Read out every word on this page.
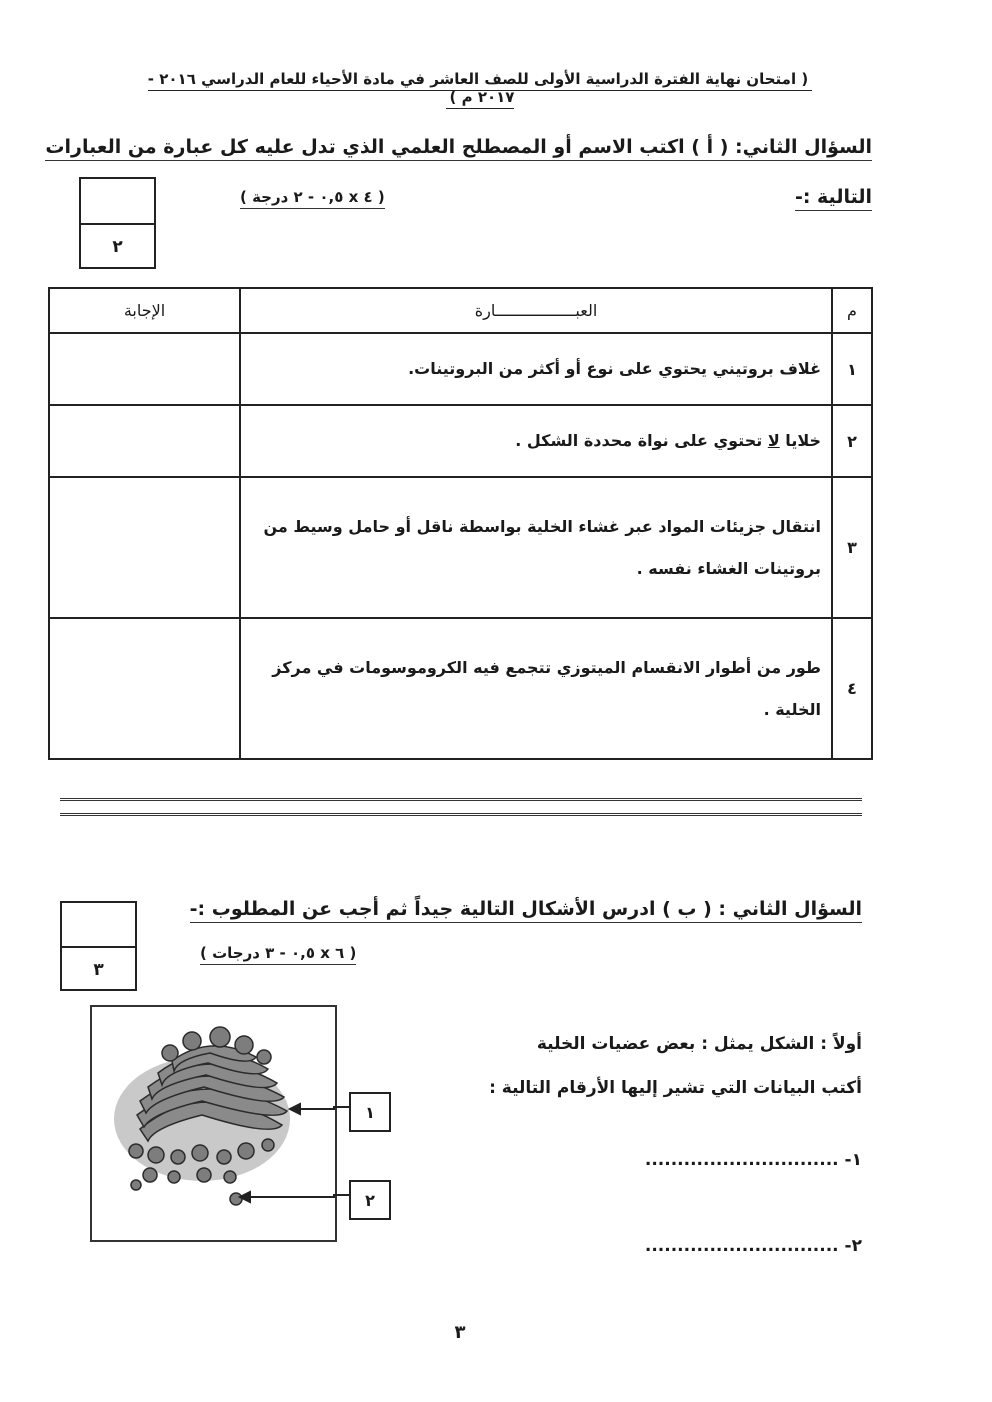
( امتحان نهاية الفترة الدراسية الأولى للصف العاشر في مادة الأحياء للعام الدراسي ٢٠١٦ - ٢٠١٧ م )
السؤال الثاني: ( أ ) اكتب الاسم أو المصطلح العلمي الذي تدل عليه كل عبارة من العبارات
التالية :-
( ٤ x ٠,٥ - ٢ درجة )
٢
م	العبـــــــــــــــــارة	الإجابة
١	غلاف بروتيني يحتوي على نوع أو أكثر من البروتينات.	
٢	خلايا لا تحتوي على نواة محددة الشكل .	
٣	انتقال جزيئات المواد عبر غشاء الخلية بواسطة ناقل أو حامل وسيط من بروتينات الغشاء نفسه .	
٤	طور من أطوار الانقسام الميتوزي تتجمع فيه الكروموسومات في مركز الخلية .	
السؤال الثاني : ( ب ) ادرس الأشكال التالية جيداً ثم أجب عن المطلوب :-
( ٦ x ٠,٥ - ٣ درجات )
٣
١
٢
أولاً : الشكل يمثل : بعض عضيات الخلية
أكتب البيانات التي تشير إليها الأرقام التالية :
١- ..............................
٢- ..............................
٣
